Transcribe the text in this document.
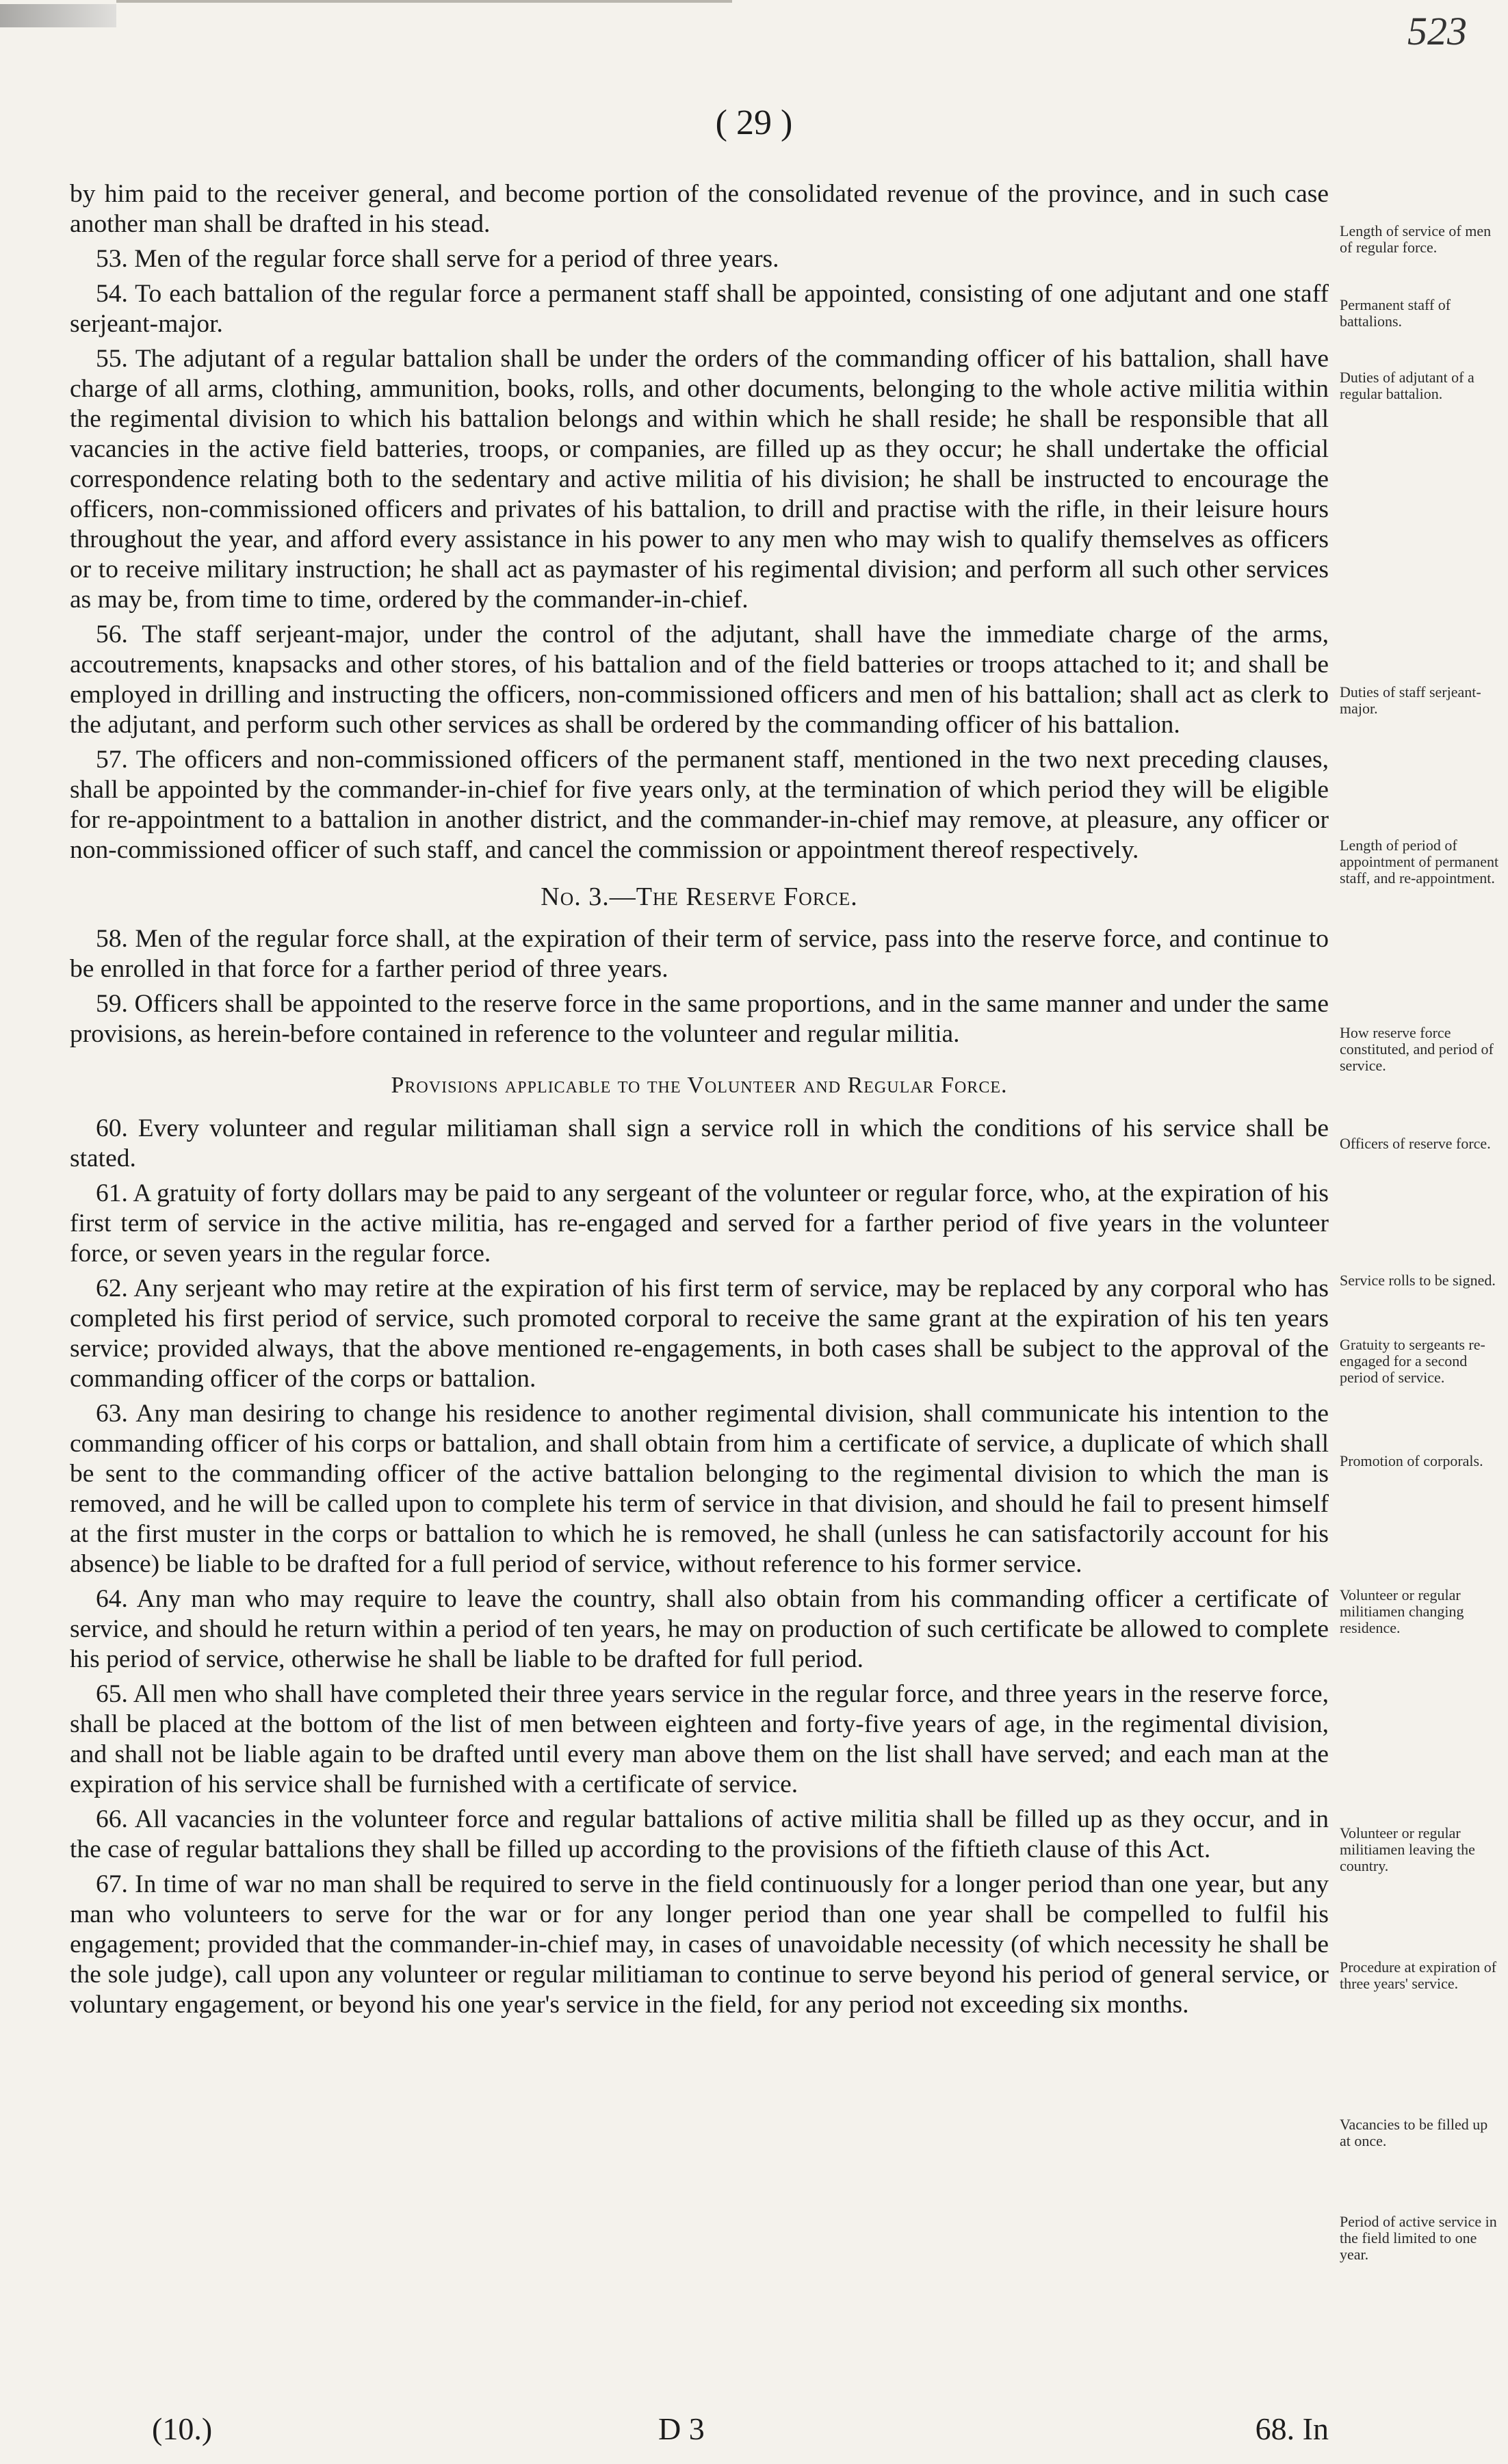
523
( 29 )

by him paid to the receiver general, and become portion of the consolidated revenue of the province, and in such case another man shall be drafted in his stead.

53. Men of the regular force shall serve for a period of three years.

54. To each battalion of the regular force a permanent staff shall be appointed, consisting of one adjutant and one staff serjeant-major.

55. The adjutant of a regular battalion shall be under the orders of the commanding officer of his battalion, shall have charge of all arms, clothing, ammunition, books, rolls, and other documents, belonging to the whole active militia within the regimental division to which his battalion belongs and within which he shall reside; he shall be responsible that all vacancies in the active field batteries, troops, or companies, are filled up as they occur; he shall undertake the official correspondence relating both to the sedentary and active militia of his division; he shall be instructed to encourage the officers, non-commissioned officers and privates of his battalion, to drill and practise with the rifle, in their leisure hours throughout the year, and afford every assistance in his power to any men who may wish to qualify themselves as officers or to receive military instruction; he shall act as paymaster of his regimental division; and perform all such other services as may be, from time to time, ordered by the commander-in-chief.

56. The staff serjeant-major, under the control of the adjutant, shall have the immediate charge of the arms, accoutrements, knapsacks and other stores, of his battalion and of the field batteries or troops attached to it; and shall be employed in drilling and instructing the officers, non-commissioned officers and men of his battalion; shall act as clerk to the adjutant, and perform such other services as shall be ordered by the commanding officer of his battalion.

57. The officers and non-commissioned officers of the permanent staff, mentioned in the two next preceding clauses, shall be appointed by the commander-in-chief for five years only, at the termination of which period they will be eligible for re-appointment to a battalion in another district, and the commander-in-chief may remove, at pleasure, any officer or non-commissioned officer of such staff, and cancel the commission or appointment thereof respectively.

No. 3.—The Reserve Force.

58. Men of the regular force shall, at the expiration of their term of service, pass into the reserve force, and continue to be enrolled in that force for a farther period of three years.

59. Officers shall be appointed to the reserve force in the same proportions, and in the same manner and under the same provisions, as herein-before contained in reference to the volunteer and regular militia.

Provisions applicable to the Volunteer and Regular Force.

60. Every volunteer and regular militiaman shall sign a service roll in which the conditions of his service shall be stated.

61. A gratuity of forty dollars may be paid to any sergeant of the volunteer or regular force, who, at the expiration of his first term of service in the active militia, has re-engaged and served for a farther period of five years in the volunteer force, or seven years in the regular force.

62. Any serjeant who may retire at the expiration of his first term of service, may be replaced by any corporal who has completed his first period of service, such promoted corporal to receive the same grant at the expiration of his ten years service; provided always, that the above mentioned re-engagements, in both cases shall be subject to the approval of the commanding officer of the corps or battalion.

63. Any man desiring to change his residence to another regimental division, shall communicate his intention to the commanding officer of his corps or battalion, and shall obtain from him a certificate of service, a duplicate of which shall be sent to the commanding officer of the active battalion belonging to the regimental division to which the man is removed, and he will be called upon to complete his term of service in that division, and should he fail to present himself at the first muster in the corps or battalion to which he is removed, he shall (unless he can satisfactorily account for his absence) be liable to be drafted for a full period of service, without reference to his former service.

64. Any man who may require to leave the country, shall also obtain from his commanding officer a certificate of service, and should he return within a period of ten years, he may on production of such certificate be allowed to complete his period of service, otherwise he shall be liable to be drafted for full period.

65. All men who shall have completed their three years service in the regular force, and three years in the reserve force, shall be placed at the bottom of the list of men between eighteen and forty-five years of age, in the regimental division, and shall not be liable again to be drafted until every man above them on the list shall have served; and each man at the expiration of his service shall be furnished with a certificate of service.

66. All vacancies in the volunteer force and regular battalions of active militia shall be filled up as they occur, and in the case of regular battalions they shall be filled up according to the provisions of the fiftieth clause of this Act.

67. In time of war no man shall be required to serve in the field continuously for a longer period than one year, but any man who volunteers to serve for the war or for any longer period than one year shall be compelled to fulfil his engagement; provided that the commander-in-chief may, in cases of unavoidable necessity (of which necessity he shall be the sole judge), call upon any volunteer or regular militiaman to continue to serve beyond his period of general service, or voluntary engagement, or beyond his one year's service in the field, for any period not exceeding six months.

Length of service of men of regular force.
Permanent staff of battalions.
Duties of adjutant of a regular battalion.
Duties of staff serjeant-major.
Length of period of appointment of permanent staff, and re-appointment.
How reserve force constituted, and period of service.
Officers of reserve force.
Service rolls to be signed.
Gratuity to sergeants re-engaged for a second period of service.
Promotion of corporals.
Volunteer or regular militiamen changing residence.
Volunteer or regular militiamen leaving the country.
Procedure at expiration of three years' service.
Vacancies to be filled up at once.
Period of active service in the field limited to one year.
(10.)	D 3	68. In
